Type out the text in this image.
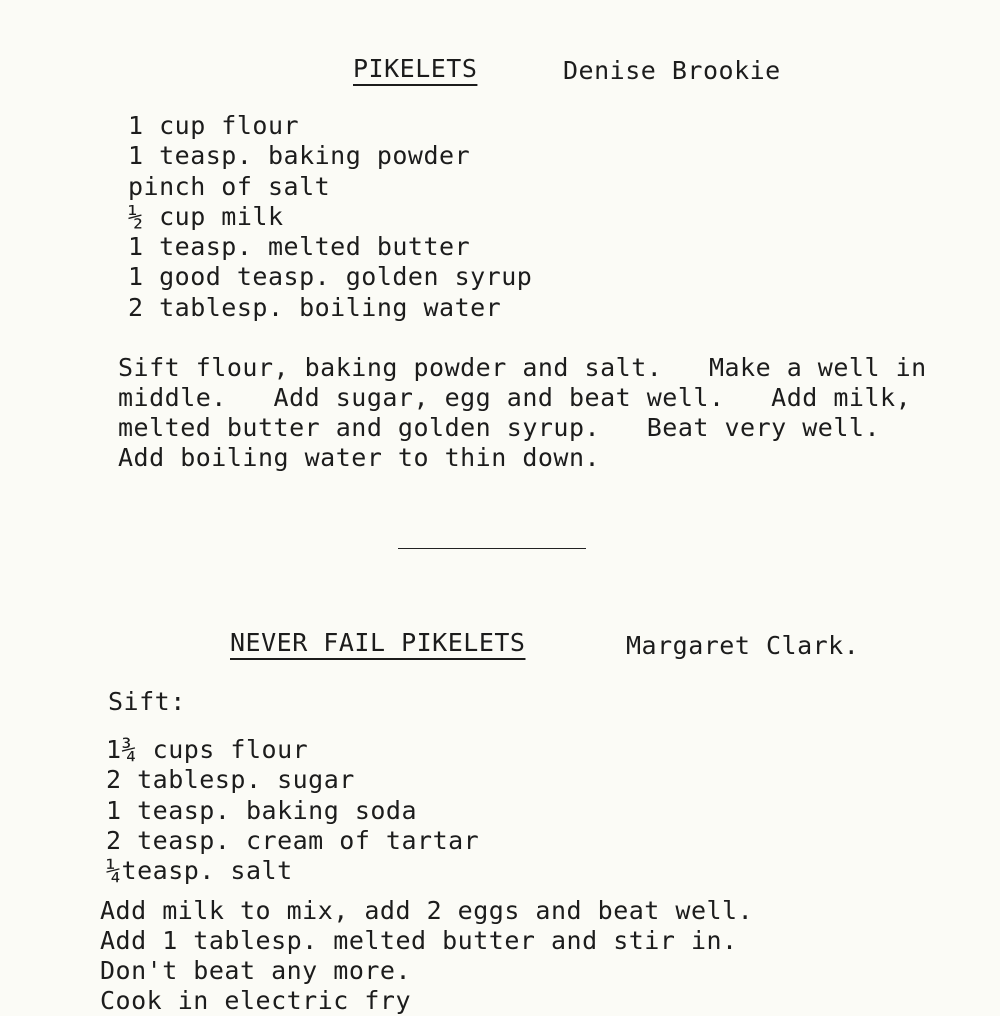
PIKELETS	Denise Brookie
1 cup flour
1 teasp. baking powder
pinch of salt
½ cup milk
1 teasp. melted butter
1 good teasp. golden syrup
2 tablesp. boiling water
Sift flour, baking powder and salt.   Make a well in
middle.   Add sugar, egg and beat well.   Add milk,
melted butter and golden syrup.   Beat very well.
Add boiling water to thin down.
NEVER FAIL PIKELETS	Margaret Clark.
Sift:
1¾ cups flour
2 tablesp. sugar
1 teasp. baking soda
2 teasp. cream of tartar
¼teasp. salt
Add milk to mix, add 2 eggs and beat well.
Add 1 tablesp. melted butter and stir in.
Don't beat any more.
Cook in electric fry
